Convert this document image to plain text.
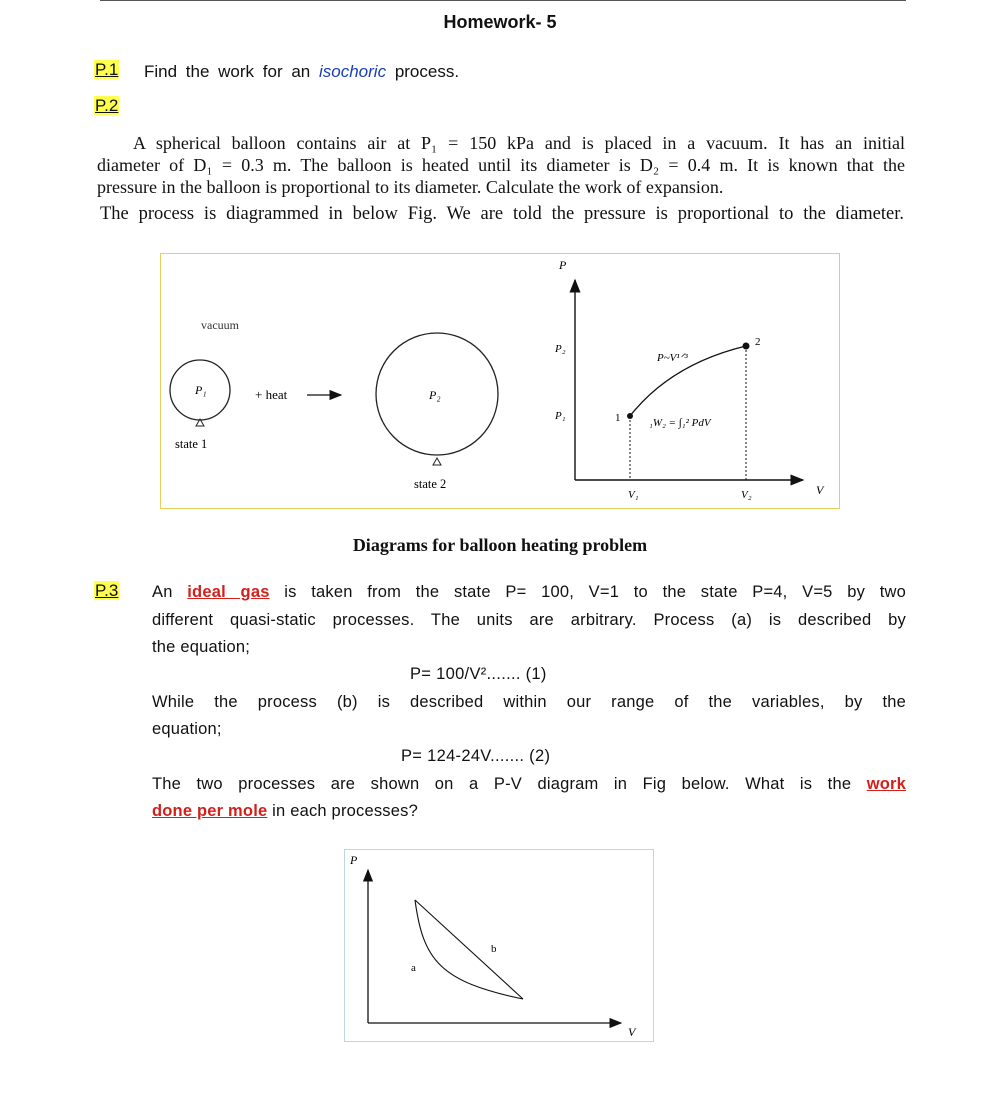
Homework- 5
P.1 Find the work for an isochoric process.
P.2
A spherical balloon contains air at P₁ = 150 kPa and is placed in a vacuum. It has an initial
diameter of D₁ = 0.3 m. The balloon is heated until its diameter is D₂ = 0.4 m. It is known that the
pressure in the balloon is proportional to its diameter. Calculate the work of expansion.
The process is diagrammed in below Fig. We are told the pressure is proportional to the diameter.
vacuum
P₁
state 1
+ heat	P₂
state 2
P
V
P₂
P₁
V₁	V₂
1
2
P~V¹ᐟ³
₁W₂ = ∫₁² PdV
Diagrams for balloon heating problem
P.3 An ideal gas is taken from the state P= 100, V=1 to the state P=4, V=5 by two
different quasi-static processes. The units are arbitrary. Process (a) is described by
the equation;
P= 100/V²....... (1)
While the process (b) is described within our range of the variables, by the
equation;
P= 124-24V....... (2)
The two processes are shown on a P-V diagram in Fig below. What is the work
done per mole in each processes?
P
V
a
b
